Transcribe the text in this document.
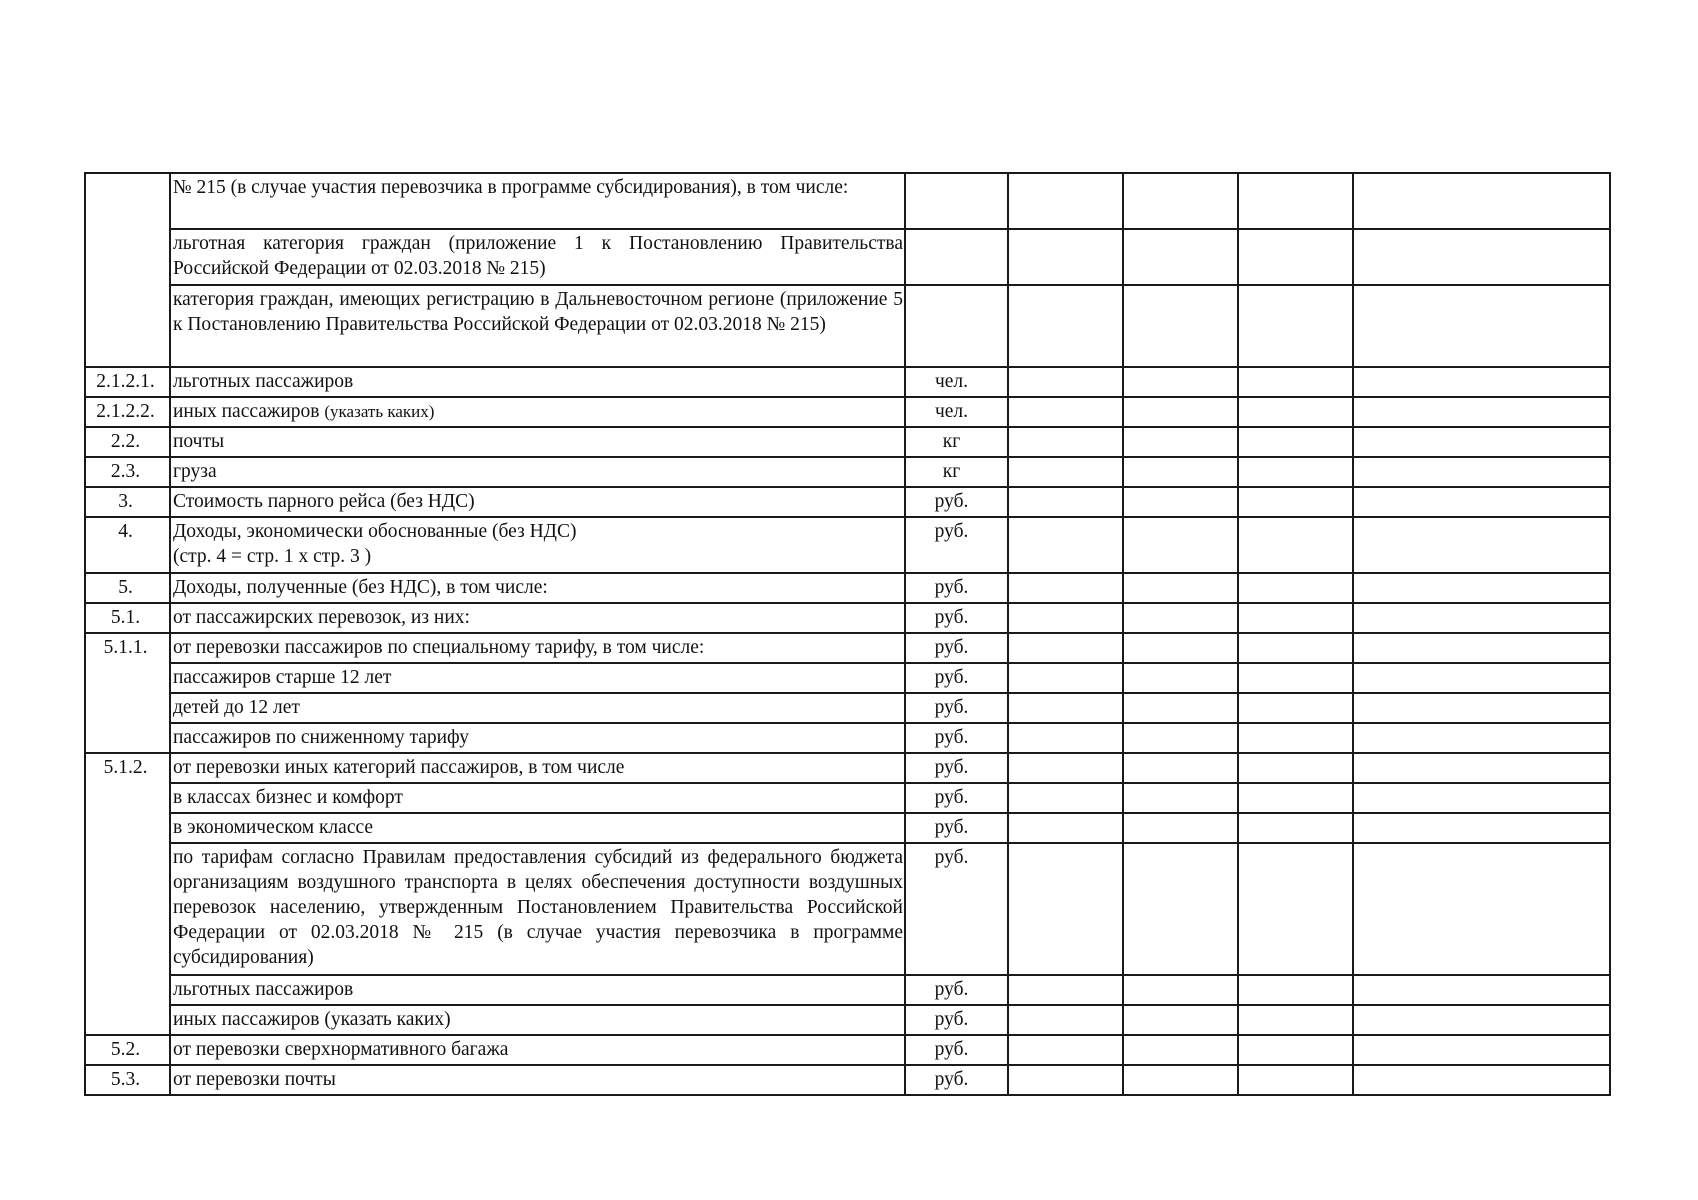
	№ 215 (в случае участия перевозчика в программе субсидирования), в том числе:					
	льготная категория граждан (приложение 1 к Постановлению Правительства Российской Федерации от 02.03.2018 № 215)					
	категория граждан, имеющих регистрацию в Дальневосточном регионе (приложение 5 к Постановлению Правительства Российской Федерации от 02.03.2018 № 215)					
2.1.2.1.	льготных пассажиров	чел.				
2.1.2.2.	иных пассажиров (указать каких)	чел.				
2.2.	почты	кг				
2.3.	груза	кг				
3.	Стоимость парного рейса (без НДС)	руб.				
4.	Доходы, экономически обоснованные (без НДС)
(стр. 4 = стр. 1 х стр. 3 )	руб.				
5.	Доходы, полученные (без НДС), в том числе:	руб.				
5.1.	от пассажирских перевозок, из них:	руб.				
5.1.1.	от перевозки пассажиров по специальному тарифу, в том числе:	руб.				
	пассажиров старше 12 лет	руб.				
	детей до 12 лет	руб.				
	пассажиров по сниженному тарифу	руб.				
5.1.2.	от перевозки иных категорий пассажиров, в том числе	руб.				
	в классах бизнес и комфорт	руб.				
	в экономическом классе	руб.				
	по тарифам согласно Правилам предоставления субсидий из федерального бюджета организациям воздушного транспорта в целях обеспечения доступности воздушных перевозок населению, утвержденным Постановлением Правительства Российской Федерации от 02.03.2018 № 215 (в случае участия перевозчика в программе субсидирования)	руб.				
	льготных пассажиров	руб.				
	иных пассажиров (указать каких)	руб.				
5.2.	от перевозки сверхнормативного багажа	руб.				
5.3.	от перевозки почты	руб.				
